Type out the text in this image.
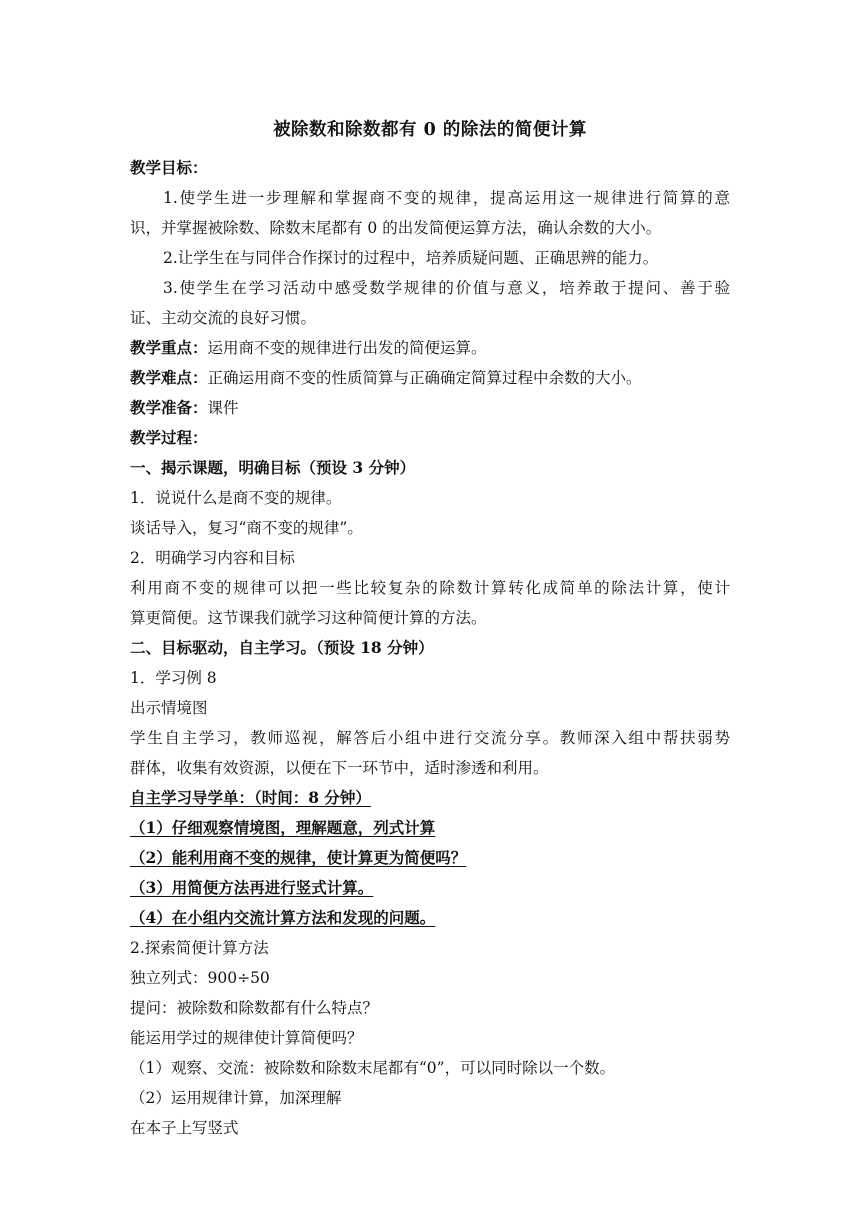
被除数和除数都有 0 的除法的简便计算
教学目标：
1.使学生进一步理解和掌握商不变的规律，提高运用这一规律进行简算的意
识，并掌握被除数、除数末尾都有 0 的出发简便运算方法，确认余数的大小。
2.让学生在与同伴合作探讨的过程中，培养质疑问题、正确思辨的能力。
3.使学生在学习活动中感受数学规律的价值与意义，培养敢于提问、善于验
证、主动交流的良好习惯。
教学重点：运用商不变的规律进行出发的简便运算。
教学难点：正确运用商不变的性质简算与正确确定简算过程中余数的大小。
教学准备：课件
教学过程：
一、揭示课题，明确目标（预设 3 分钟）
1．说说什么是商不变的规律。
谈话导入，复习“商不变的规律”。
2．明确学习内容和目标
利用商不变的规律可以把一些比较复杂的除数计算转化成简单的除法计算，使计
算更简便。这节课我们就学习这种简便计算的方法。
二、目标驱动，自主学习。（预设 18 分钟）
1．学习例 8
出示情境图
学生自主学习，教师巡视，解答后小组中进行交流分享。教师深入组中帮扶弱势
群体，收集有效资源，以便在下一环节中，适时渗透和利用。
自主学习导学单：（时间：8 分钟）
（1）仔细观察情境图，理解题意，列式计算
（2）能利用商不变的规律，使计算更为简便吗？
（3）用简便方法再进行竖式计算。
（4）在小组内交流计算方法和发现的问题。
2.探索简便计算方法
独立列式：900÷50
提问：被除数和除数都有什么特点？
能运用学过的规律使计算简便吗？
（1）观察、交流：被除数和除数末尾都有“0”，可以同时除以一个数。
（2）运用规律计算，加深理解
在本子上写竖式
